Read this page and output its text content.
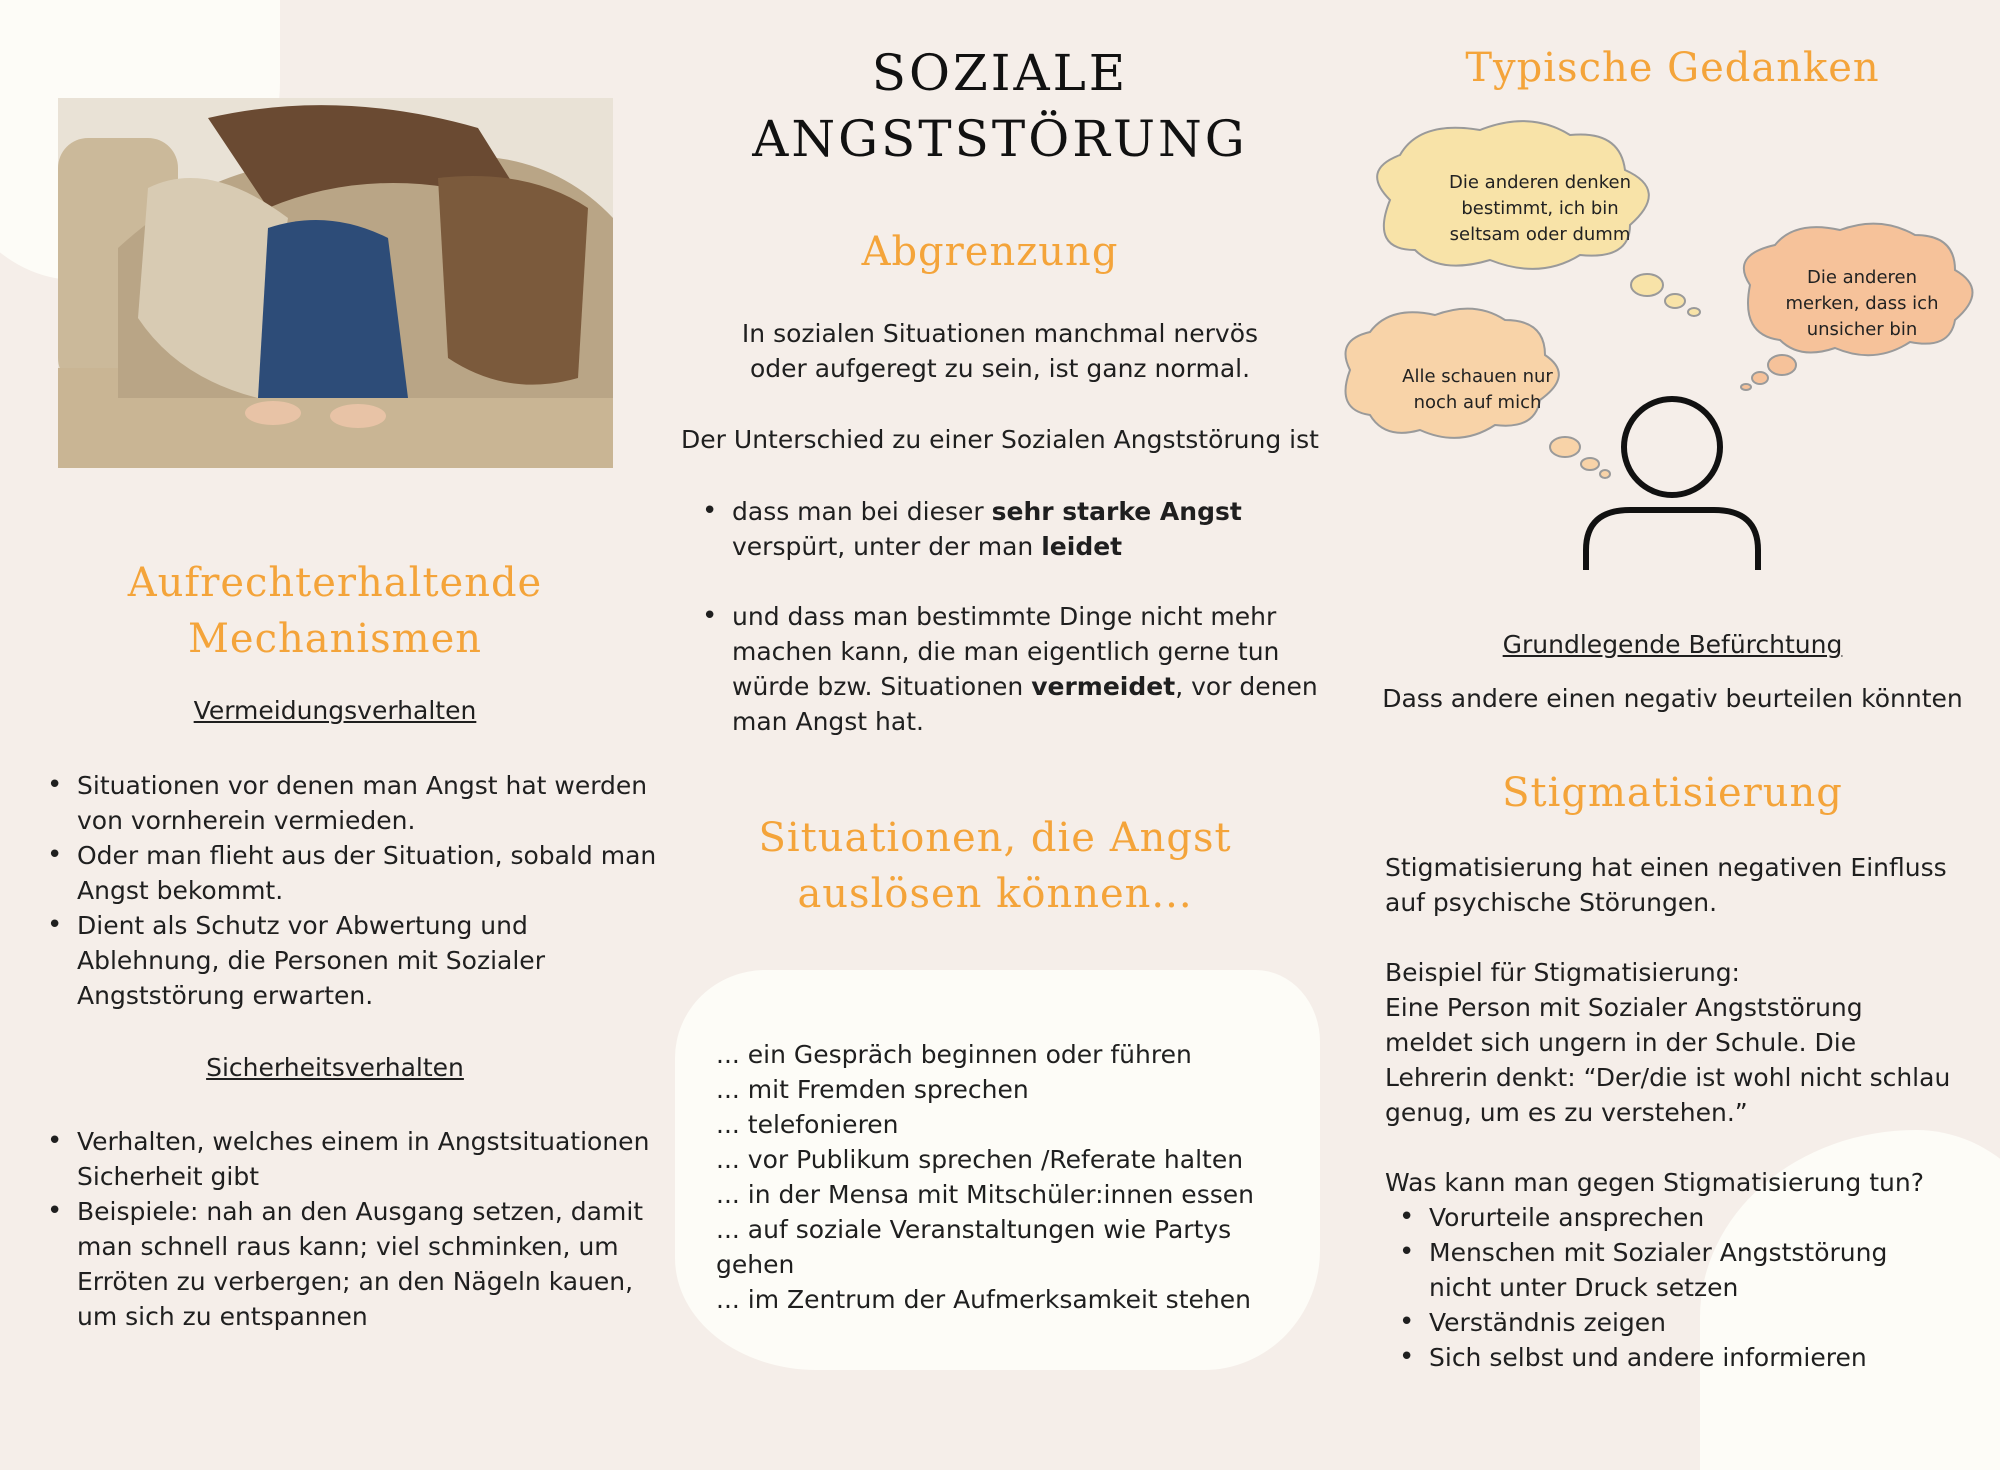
Aufrechterhaltende Mechanismen
Vermeidungsverhalten
• Situationen vor denen man Angst hat werden von vornherein vermieden.
• Oder man flieht aus der Situation, sobald man Angst bekommt.
• Dient als Schutz vor Abwertung und Ablehnung, die Personen mit Sozialer Angststörung erwarten.
Sicherheitsverhalten
• Verhalten, welches einem in Angstsituationen Sicherheit gibt
• Beispiele: nah an den Ausgang setzen, damit man schnell raus kann; viel schminken, um Erröten zu verbergen; an den Nägeln kauen, um sich zu entspannen
SOZIALE ANGSTSTÖRUNG
Abgrenzung
In sozialen Situationen manchmal nervös oder aufgeregt zu sein, ist ganz normal.
Der Unterschied zu einer Sozialen Angststörung ist
• dass man bei dieser sehr starke Angst
verspürt, unter der man leidet
• und dass man bestimmte Dinge nicht mehr machen kann, die man eigentlich gerne tun würde bzw. Situationen vermeidet, vor denen man Angst hat.
Situationen, die Angst auslösen können...
... ein Gespräch beginnen oder führen
... mit Fremden sprechen
... telefonieren
... vor Publikum sprechen /Referate halten
... in der Mensa mit Mitschüler:innen essen
... auf soziale Veranstaltungen wie Partys gehen
... im Zentrum der Aufmerksamkeit stehen
Typische Gedanken
Die anderen denken bestimmt, ich bin seltsam oder dumm
Die anderen merken, dass ich unsicher bin
Alle schauen nur noch auf mich
Grundlegende Befürchtung
Dass andere einen negativ beurteilen könnten
Stigmatisierung
Stigmatisierung hat einen negativen Einfluss auf psychische Störungen.
Beispiel für Stigmatisierung:
Eine Person mit Sozialer Angststörung meldet sich ungern in der Schule. Die Lehrerin denkt: “Der/die ist wohl nicht schlau genug, um es zu verstehen.”
Was kann man gegen Stigmatisierung tun?
• Vorurteile ansprechen
• Menschen mit Sozialer Angststörung nicht unter Druck setzen
• Verständnis zeigen
• Sich selbst und andere informieren
